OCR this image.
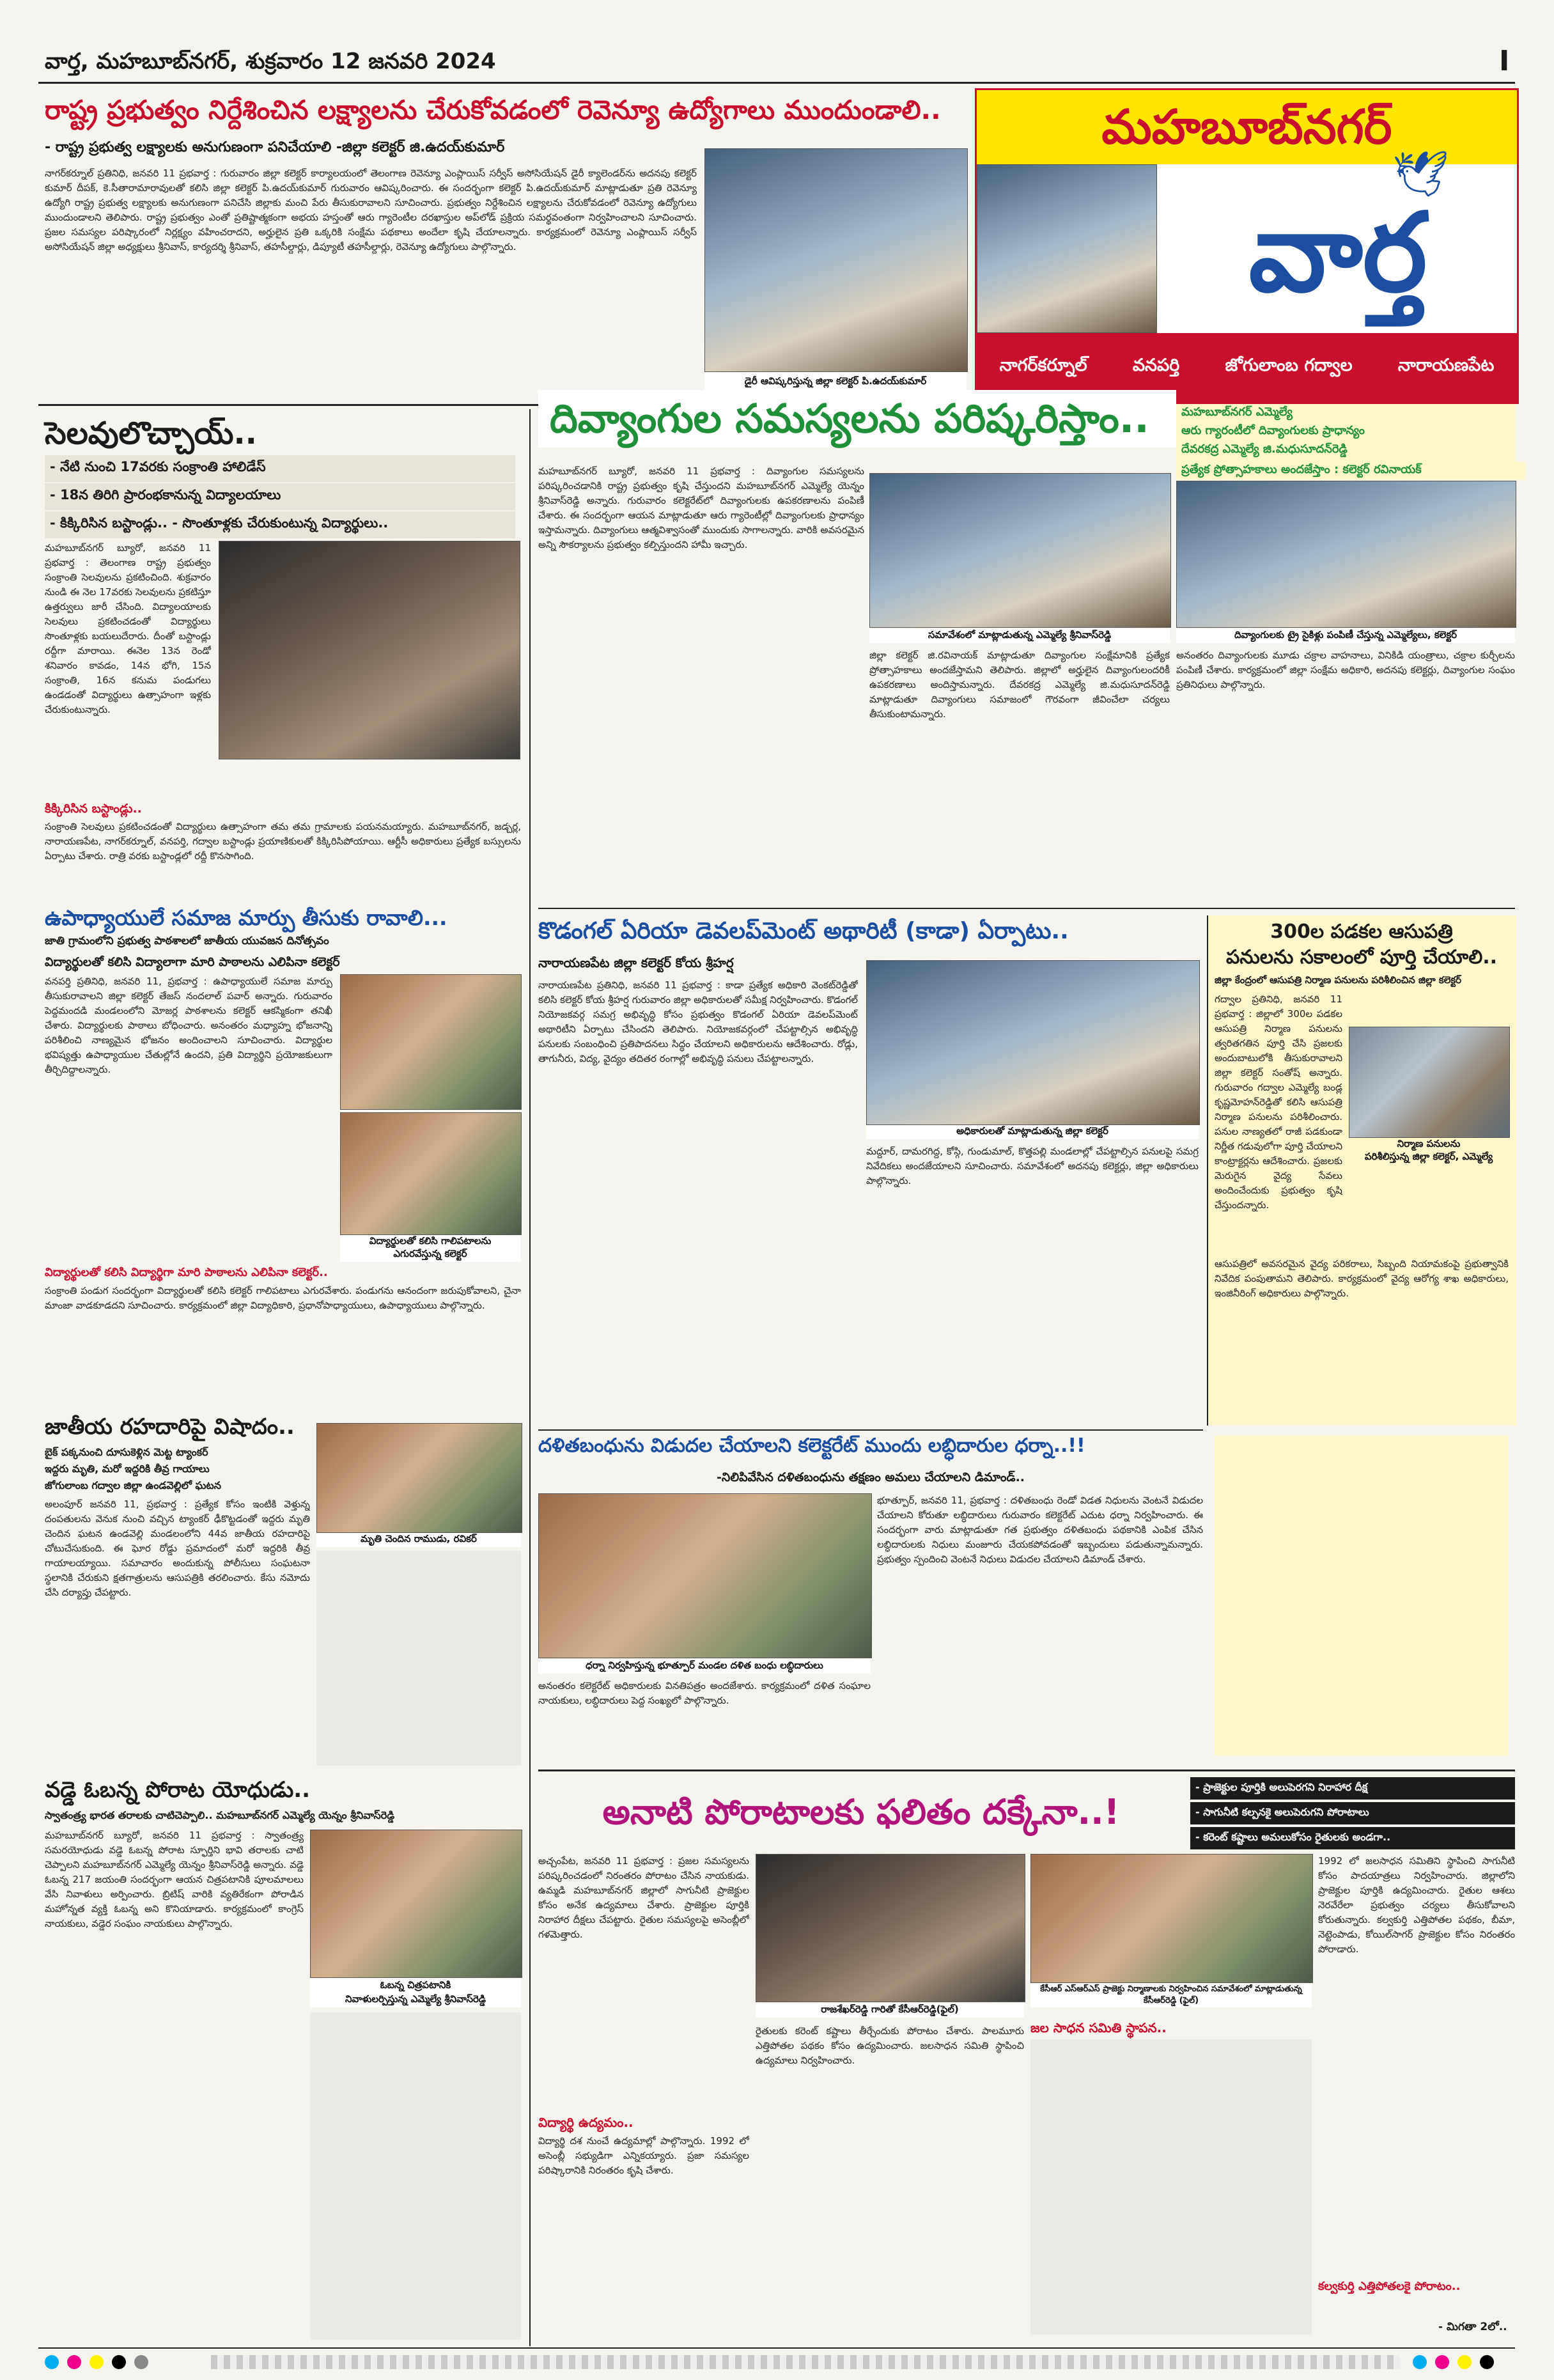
వార్త, మహబూబ్‌నగర్, శుక్రవారం 12 జనవరి 2024	I
రాష్ట్ర ప్రభుత్వం నిర్దేశించిన లక్ష్యాలను చేరుకోవడంలో రెవెన్యూ ఉద్యోగాలు ముందుండాలి..
- రాష్ట్ర ప్రభుత్వ లక్ష్యాలకు అనుగుణంగా పనిచేయాలి -జిల్లా కలెక్టర్ జి.ఉదయ్‌కుమార్
నాగర్‌కర్నూల్ ప్రతినిధి, జనవరి 11 ప్రభవార్త : గురువారం జిల్లా కలెక్టర్ కార్యాలయంలో తెలంగాణ రెవెన్యూ ఎంప్లాయిస్ సర్వీస్ అసోసియేషన్ డైరీ క్యాలెండర్‌ను అదనపు కలెక్టర్ కుమార్ దీపక్, కె.సీతారామారావులతో కలిసి జిల్లా కలెక్టర్ పి.ఉదయ్‌కుమార్ గురువారం ఆవిష్కరించారు. ఈ సందర్భంగా కలెక్టర్ పి.ఉదయ్‌కుమార్ మాట్లాడుతూ ప్రతి రెవెన్యూ ఉద్యోగి రాష్ట్ర ప్రభుత్వ లక్ష్యాలకు అనుగుణంగా పనిచేసి జిల్లాకు మంచి పేరు తీసుకురావాలని సూచించారు. ప్రభుత్వం నిర్దేశించిన లక్ష్యాలను చేరుకోవడంలో రెవెన్యూ ఉద్యోగులు ముందుండాలని తెలిపారు. రాష్ట్ర ప్రభుత్వం ఎంతో ప్రతిష్టాత్మకంగా అభయ హస్తంతో ఆరు గ్యారెంటీల దరఖాస్తుల అప్‌లోడ్ ప్రక్రియ సమర్థవంతంగా నిర్వహించాలని సూచించారు. ప్రజల సమస్యల పరిష్కారంలో నిర్లక్ష్యం వహించరాదని, అర్హులైన ప్రతి ఒక్కరికి సంక్షేమ పథకాలు అందేలా కృషి చేయాలన్నారు. కార్యక్రమంలో రెవెన్యూ ఎంప్లాయిస్ సర్వీస్ అసోసియేషన్ జిల్లా అధ్యక్షులు శ్రీనివాస్, కార్యదర్శి శ్రీనివాస్, తహసీల్దార్లు, డిప్యూటీ తహసీల్దార్లు, రెవెన్యూ ఉద్యోగులు పాల్గొన్నారు.
డైరీ ఆవిష్కరిస్తున్న జిల్లా కలెక్టర్ పి.ఉదయ్‌కుమార్
మహబూబ్‌నగర్
🕊
వార్త
నాగర్‌కర్నూల్	వనపర్తి	జోగులాంబ గద్వాల	నారాయణపేట
సెలవులొచ్చాయ్..
- నేటి నుంచి 17వరకు సంక్రాంతి హాలిడేస్
- 18న తిరిగి ప్రారంభకానున్న విద్యాలయాలు
- కిక్కిరిసిన బస్టాండ్లు.. - సొంతూళ్లకు చేరుకుంటున్న విద్యార్థులు..
మహబూబ్‌నగర్ బ్యూరో, జనవరి 11 ప్రభవార్త : తెలంగాణ రాష్ట్ర ప్రభుత్వం సంక్రాంతి సెలవులను ప్రకటించింది. శుక్రవారం నుండి ఈ నెల 17వరకు సెలవులను ప్రకటిస్తూ ఉత్తర్వులు జారీ చేసింది. విద్యాలయాలకు సెలవులు ప్రకటించడంతో విద్యార్థులు సొంతూళ్లకు బయలుదేరారు. దీంతో బస్టాండ్లు రద్దీగా మారాయి. ఈనెల 13న రెండో శనివారం కావడం, 14న భోగి, 15న సంక్రాంతి, 16న కనుమ పండుగలు ఉండడంతో విద్యార్థులు ఉత్సాహంగా ఇళ్లకు చేరుకుంటున్నారు.
కిక్కిరిసిన బస్టాండ్లు..
సంక్రాంతి సెలవులు ప్రకటించడంతో విద్యార్థులు ఉత్సాహంగా తమ తమ గ్రామాలకు పయనమయ్యారు. మహబూబ్‌నగర్, జడ్చర్ల, నారాయణపేట, నాగర్‌కర్నూల్, వనపర్తి, గద్వాల బస్టాండ్లు ప్రయాణికులతో కిక్కిరిసిపోయాయి. ఆర్టీసీ అధికారులు ప్రత్యేక బస్సులను ఏర్పాటు చేశారు. రాత్రి వరకు బస్టాండ్లలో రద్దీ కొనసాగింది.
ఉపాధ్యాయులే సమాజ మార్పు తీసుకు రావాలి...
జాతి గ్రామంలోని ప్రభుత్వ పాఠశాలలో జాతీయ యువజన దినోత్సవం
విద్యార్థులతో కలిసి విద్యాలాగా మారి పాఠాలను ఎలిపినా కలెక్టర్
వనపర్తి ప్రతినిధి, జనవరి 11, ప్రభవార్త : ఉపాధ్యాయులే సమాజ మార్పు తీసుకురావాలని జిల్లా కలెక్టర్ తేజస్ నందలాల్ పవార్ అన్నారు. గురువారం పెద్దమందడి మండలంలోని మోజర్ల పాఠశాలను కలెక్టర్ ఆకస్మికంగా తనిఖీ చేశారు. విద్యార్థులకు పాఠాలు బోధించారు. అనంతరం మధ్యాహ్న భోజనాన్ని పరిశీలించి నాణ్యమైన భోజనం అందించాలని సూచించారు. విద్యార్థుల భవిష్యత్తు ఉపాధ్యాయుల చేతుల్లోనే ఉందని, ప్రతి విద్యార్థిని ప్రయోజకులుగా తీర్చిదిద్దాలన్నారు.
విద్యార్థులతో కలిసి గాలిపటాలను
ఎగురవేస్తున్న కలెక్టర్
విద్యార్థులతో కలిసి విద్యార్థిగా మారి పాఠాలను ఎలిపినా కలెక్టర్..
సంక్రాంతి పండుగ సందర్భంగా విద్యార్థులతో కలిసి కలెక్టర్ గాలిపటాలు ఎగురవేశారు. పండుగను ఆనందంగా జరుపుకోవాలని, చైనా మాంజా వాడకూడదని సూచించారు. కార్యక్రమంలో జిల్లా విద్యాధికారి, ప్రధానోపాధ్యాయులు, ఉపాధ్యాయులు పాల్గొన్నారు.
జాతీయ రహదారిపై విషాదం..
బైక్ పక్కనుంచి దూసుకెళ్లిన మెట్ట ట్యాంకర్
ఇద్దరు మృతి, మరో ఇద్దరికి తీవ్ర గాయాలు
జోగులాంబ గద్వాల జిల్లా ఉండవెల్లిలో ఘటన
మృతి చెందిన రాముడు, రవికర్
అలంపూర్ జనవరి 11, ప్రభవార్త : ప్రత్యేక కోసం ఇంటికి వెళ్తున్న దంపతులను వెనుక నుంచి వచ్చిన ట్యాంకర్ ఢీకొట్టడంతో ఇద్దరు మృతి చెందిన ఘటన ఉండవెల్లి మండలంలోని 44వ జాతీయ రహదారిపై చోటుచేసుకుంది. ఈ ఘోర రోడ్డు ప్రమాదంలో మరో ఇద్దరికి తీవ్ర గాయాలయ్యాయి. సమాచారం అందుకున్న పోలీసులు సంఘటనా స్థలానికి చేరుకుని క్షతగాత్రులను ఆసుపత్రికి తరలించారు. కేసు నమోదు చేసి దర్యాప్తు చేపట్టారు.
వడ్డె ఓబన్న పోరాట యోధుడు..
స్వాతంత్ర్య భారత తరాలకు చాటిచెప్పాలి.. మహబూబ్‌నగర్ ఎమ్మెల్యే యెన్నం శ్రీనివాస్‌రెడ్డి
మహబూబ్‌నగర్ బ్యూరో, జనవరి 11 ప్రభవార్త : స్వాతంత్ర్య సమరయోధుడు వడ్డె ఓబన్న పోరాట స్ఫూర్తిని భావి తరాలకు చాటి చెప్పాలని మహబూబ్‌నగర్ ఎమ్మెల్యే యెన్నం శ్రీనివాస్‌రెడ్డి అన్నారు. వడ్డె ఓబన్న 217 జయంతి సందర్భంగా ఆయన చిత్రపటానికి పూలమాలలు వేసి నివాళులు అర్పించారు. బ్రిటిష్ వారికి వ్యతిరేకంగా పోరాడిన మహోన్నత వ్యక్తి ఓబన్న అని కొనియాడారు. కార్యక్రమంలో కాంగ్రెస్ నాయకులు, వడ్డెర సంఘం నాయకులు పాల్గొన్నారు.
ఓబన్న చిత్రపటానికి
నివాళులర్పిస్తున్న ఎమ్మెల్యే శ్రీనివాస్‌రెడ్డి
దివ్యాంగుల సమస్యలను పరిష్కరిస్తాం..	మహబూబ్‌నగర్ ఎమ్మెల్యే
ఆరు గ్యారంటీలో దివ్యాంగులకు ప్రాధాన్యం
దేవరకద్ర ఎమ్మెల్యే జి.మధుసూదన్‌రెడ్డి
ప్రత్యేక ప్రోత్సాహకాలు అందజేస్తాం : కలెక్టర్ రవినాయక్
మహబూబ్‌నగర్ బ్యూరో, జనవరి 11 ప్రభవార్త : దివ్యాంగుల సమస్యలను పరిష్కరించడానికి రాష్ట్ర ప్రభుత్వం కృషి చేస్తుందని మహబూబ్‌నగర్ ఎమ్మెల్యే యెన్నం శ్రీనివాస్‌రెడ్డి అన్నారు. గురువారం కలెక్టరేట్‌లో దివ్యాంగులకు ఉపకరణాలను పంపిణీ చేశారు. ఈ సందర్భంగా ఆయన మాట్లాడుతూ ఆరు గ్యారెంటీల్లో దివ్యాంగులకు ప్రాధాన్యం ఇస్తామన్నారు. దివ్యాంగులు ఆత్మవిశ్వాసంతో ముందుకు సాగాలన్నారు. వారికి అవసరమైన అన్ని సౌకర్యాలను ప్రభుత్వం కల్పిస్తుందని హామీ ఇచ్చారు.
సమావేశంలో మాట్లాడుతున్న ఎమ్మెల్యే శ్రీనివాస్‌రెడ్డి	దివ్యాంగులకు ట్రై సైకిళ్లు పంపిణీ చేస్తున్న ఎమ్మెల్యేలు, కలెక్టర్
జిల్లా కలెక్టర్ జి.రవినాయక్ మాట్లాడుతూ దివ్యాంగుల సంక్షేమానికి ప్రత్యేక ప్రోత్సాహకాలు అందజేస్తామని తెలిపారు. జిల్లాలో అర్హులైన దివ్యాంగులందరికీ ఉపకరణాలు అందిస్తామన్నారు. దేవరకద్ర ఎమ్మెల్యే జి.మధుసూదన్‌రెడ్డి మాట్లాడుతూ దివ్యాంగులు సమాజంలో గౌరవంగా జీవించేలా చర్యలు తీసుకుంటామన్నారు.
అనంతరం దివ్యాంగులకు మూడు చక్రాల వాహనాలు, వినికిడి యంత్రాలు, చక్రాల కుర్చీలను పంపిణీ చేశారు. కార్యక్రమంలో జిల్లా సంక్షేమ అధికారి, అదనపు కలెక్టర్లు, దివ్యాంగుల సంఘం ప్రతినిధులు పాల్గొన్నారు.
కొడంగల్ ఏరియా డెవలప్‌మెంట్ అథారిటీ (కాడా) ఏర్పాటు..
నారాయణపేట జిల్లా కలెక్టర్ కోయ శ్రీహర్ష
నారాయణపేట ప్రతినిధి, జనవరి 11 ప్రభవార్త : కాడా ప్రత్యేక అధికారి వెంకట్‌రెడ్డితో కలిసి కలెక్టర్ కోయ శ్రీహర్ష గురువారం జిల్లా అధికారులతో సమీక్ష నిర్వహించారు. కొడంగల్ నియోజకవర్గ సమగ్ర అభివృద్ధి కోసం ప్రభుత్వం కొడంగల్ ఏరియా డెవలప్‌మెంట్ అథారిటీని ఏర్పాటు చేసిందని తెలిపారు. నియోజకవర్గంలో చేపట్టాల్సిన అభివృద్ధి పనులకు సంబంధించి ప్రతిపాదనలు సిద్ధం చేయాలని అధికారులను ఆదేశించారు. రోడ్లు, తాగునీరు, విద్య, వైద్యం తదితర రంగాల్లో అభివృద్ధి పనులు చేపట్టాలన్నారు.
అధికారులతో మాట్లాడుతున్న జిల్లా కలెక్టర్
మద్దూర్, దామరగిద్ద, కోస్గి, గుండుమాల్, కొత్తపల్లి మండలాల్లో చేపట్టాల్సిన పనులపై సమగ్ర నివేదికలు అందజేయాలని సూచించారు. సమావేశంలో అదనపు కలెక్టర్లు, జిల్లా అధికారులు పాల్గొన్నారు.
300ల పడకల ఆసుపత్రి
పనులను సకాలంలో పూర్తి చేయాలి..
జిల్లా కేంద్రంలో ఆసుపత్రి నిర్మాణ పనులను పరిశీలించిన జిల్లా కలెక్టర్
గద్వాల ప్రతినిధి, జనవరి 11 ప్రభవార్త : జిల్లాలో 300ల పడకల ఆసుపత్రి నిర్మాణ పనులను త్వరితగతిన పూర్తి చేసి ప్రజలకు అందుబాటులోకి తీసుకురావాలని జిల్లా కలెక్టర్ సంతోష్ అన్నారు. గురువారం గద్వాల ఎమ్మెల్యే బండ్ల కృష్ణమోహన్‌రెడ్డితో కలిసి ఆసుపత్రి నిర్మాణ పనులను పరిశీలించారు. పనుల నాణ్యతలో రాజీ పడకుండా నిర్ణీత గడువులోగా పూర్తి చేయాలని కాంట్రాక్టర్లను ఆదేశించారు. ప్రజలకు మెరుగైన వైద్య సేవలు అందించేందుకు ప్రభుత్వం కృషి చేస్తుందన్నారు.
నిర్మాణ పనులను
పరిశీలిస్తున్న జిల్లా కలెక్టర్, ఎమ్మెల్యే
ఆసుపత్రిలో అవసరమైన వైద్య పరికరాలు, సిబ్బంది నియామకంపై ప్రభుత్వానికి నివేదిక పంపుతామని తెలిపారు. కార్యక్రమంలో వైద్య ఆరోగ్య శాఖ అధికారులు, ఇంజినీరింగ్ అధికారులు పాల్గొన్నారు.
దళితబంధును విడుదల చేయాలని కలెక్టరేట్ ముందు లబ్ధిదారుల ధర్నా..!!
-నిలిపివేసిన దళితబంధును తక్షణం అమలు చేయాలని డిమాండ్..
ధర్నా నిర్వహిస్తున్న భూత్పూర్ మండల దళిత బంధు లబ్ధిదారులు
భూత్పూర్, జనవరి 11, ప్రభవార్త : దళితబంధు రెండో విడత నిధులను వెంటనే విడుదల చేయాలని కోరుతూ లబ్ధిదారులు గురువారం కలెక్టరేట్ ఎదుట ధర్నా నిర్వహించారు. ఈ సందర్భంగా వారు మాట్లాడుతూ గత ప్రభుత్వం దళితబంధు పథకానికి ఎంపిక చేసిన లబ్ధిదారులకు నిధులు మంజూరు చేయకపోవడంతో ఇబ్బందులు పడుతున్నామన్నారు. ప్రభుత్వం స్పందించి వెంటనే నిధులు విడుదల చేయాలని డిమాండ్ చేశారు.
అనంతరం కలెక్టరేట్ అధికారులకు వినతిపత్రం అందజేశారు. కార్యక్రమంలో దళిత సంఘాల నాయకులు, లబ్ధిదారులు పెద్ద సంఖ్యలో పాల్గొన్నారు.
అనాటి పోరాటాలకు ఫలితం దక్కేనా..!
- ప్రాజెక్టుల పూర్తికి అలుపెరగని నిరాహార దీక్ష
- సాగునీటి కల్పనకై అలుపెరుగని పోరాటాలు
- కరెంట్ కష్టాలు అమలుకోసం రైతులకు అండగా..
అచ్చంపేట, జనవరి 11 ప్రభవార్త : ప్రజల సమస్యలను పరిష్కరించడంలో నిరంతరం పోరాటం చేసిన నాయకుడు. ఉమ్మడి మహబూబ్‌నగర్ జిల్లాలో సాగునీటి ప్రాజెక్టుల కోసం అనేక ఉద్యమాలు చేశారు. ప్రాజెక్టుల పూర్తికి నిరాహార దీక్షలు చేపట్టారు. రైతుల సమస్యలపై అసెంబ్లీలో గళమెత్తారు.
రాజశేఖర్‌రెడ్డి గారితో కేసీఆర్‌రెడ్డి(ఫైల్)
కేసీఆర్ ఎస్‌ఆర్‌ఎస్ ప్రాజెక్టు నిర్మాణాలకు నిర్వహించిన సమావేశంలో మాట్లాడుతున్న కేసీఆర్‌రెడ్డి (ఫైల్)
1992 లో జలసాధన సమితిని స్థాపించి సాగునీటి కోసం పాదయాత్రలు నిర్వహించారు. జిల్లాలోని ప్రాజెక్టుల పూర్తికి ఉద్యమించారు. రైతుల ఆశలు నెరవేరేలా ప్రభుత్వం చర్యలు తీసుకోవాలని కోరుతున్నారు. కల్వకుర్తి ఎత్తిపోతల పథకం, బీమా, నెట్టెంపాడు, కోయిల్‌సాగర్ ప్రాజెక్టుల కోసం నిరంతరం పోరాడారు.
విద్యార్థి ఉద్యమం..
విద్యార్థి దశ నుంచే ఉద్యమాల్లో పాల్గొన్నారు. 1992 లో అసెంబ్లీ సభ్యుడిగా ఎన్నికయ్యారు. ప్రజా సమస్యల పరిష్కారానికి నిరంతరం కృషి చేశారు.
రైతులకు కరెంట్ కష్టాలు తీర్చేందుకు పోరాటం చేశారు. పాలమూరు ఎత్తిపోతల పథకం కోసం ఉద్యమించారు. జలసాధన సమితి స్థాపించి ఉద్యమాలు నిర్వహించారు.
జల సాధన సమితి స్థాపన..
కల్వకుర్తి ఎత్తిపోతలకై పోరాటం..
- మిగతా 2లో..
